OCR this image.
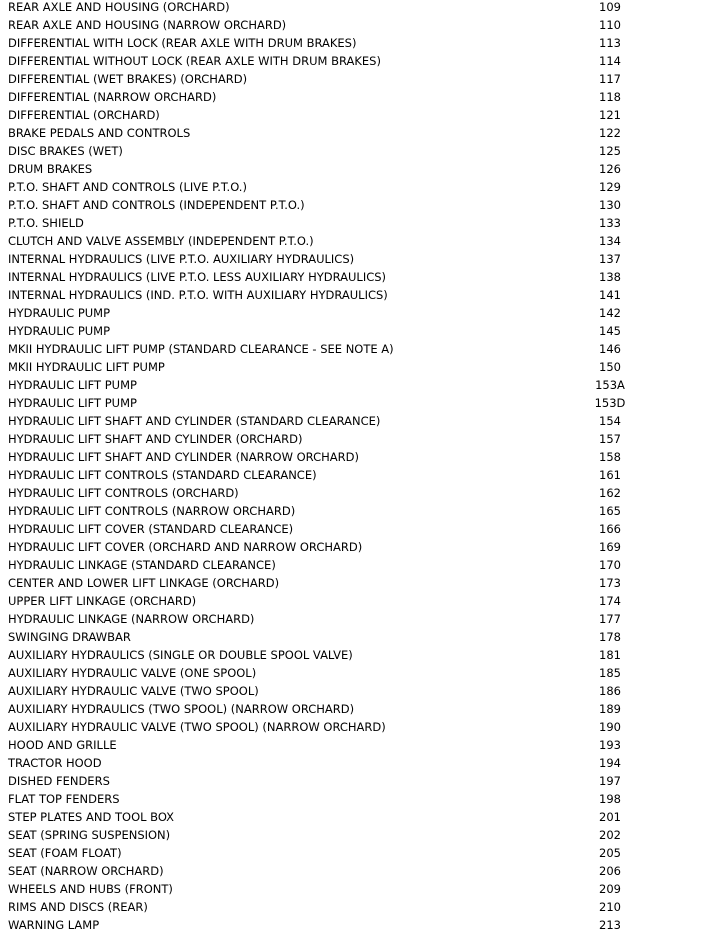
REAR AXLE AND HOUSING (ORCHARD)	109
REAR AXLE AND HOUSING (NARROW ORCHARD)	110
DIFFERENTIAL WITH LOCK (REAR AXLE WITH DRUM BRAKES)	113
DIFFERENTIAL WITHOUT LOCK (REAR AXLE WITH DRUM BRAKES)	114
DIFFERENTIAL (WET BRAKES) (ORCHARD)	117
DIFFERENTIAL (NARROW ORCHARD)	118
DIFFERENTIAL (ORCHARD)	121
BRAKE PEDALS AND CONTROLS	122
DISC BRAKES (WET)	125
DRUM BRAKES	126
P.T.O. SHAFT AND CONTROLS (LIVE P.T.O.)	129
P.T.O. SHAFT AND CONTROLS (INDEPENDENT P.T.O.)	130
P.T.O. SHIELD	133
CLUTCH AND VALVE ASSEMBLY (INDEPENDENT P.T.O.)	134
INTERNAL HYDRAULICS (LIVE P.T.O. AUXILIARY HYDRAULICS)	137
INTERNAL HYDRAULICS (LIVE P.T.O. LESS AUXILIARY HYDRAULICS)	138
INTERNAL HYDRAULICS (IND. P.T.O. WITH AUXILIARY HYDRAULICS)	141
HYDRAULIC PUMP	142
HYDRAULIC PUMP	145
MKII HYDRAULIC LIFT PUMP (STANDARD CLEARANCE - SEE NOTE A)	146
MKII HYDRAULIC LIFT PUMP	150
HYDRAULIC LIFT PUMP	153A
HYDRAULIC LIFT PUMP	153D
HYDRAULIC LIFT SHAFT AND CYLINDER (STANDARD CLEARANCE)	154
HYDRAULIC LIFT SHAFT AND CYLINDER (ORCHARD)	157
HYDRAULIC LIFT SHAFT AND CYLINDER (NARROW ORCHARD)	158
HYDRAULIC LIFT CONTROLS (STANDARD CLEARANCE)	161
HYDRAULIC LIFT CONTROLS (ORCHARD)	162
HYDRAULIC LIFT CONTROLS (NARROW ORCHARD)	165
HYDRAULIC LIFT COVER (STANDARD CLEARANCE)	166
HYDRAULIC LIFT COVER (ORCHARD AND NARROW ORCHARD)	169
HYDRAULIC LINKAGE (STANDARD CLEARANCE)	170
CENTER AND LOWER LIFT LINKAGE (ORCHARD)	173
UPPER LIFT LINKAGE (ORCHARD)	174
HYDRAULIC LINKAGE (NARROW ORCHARD)	177
SWINGING DRAWBAR	178
AUXILIARY HYDRAULICS (SINGLE OR DOUBLE SPOOL VALVE)	181
AUXILIARY HYDRAULIC VALVE (ONE SPOOL)	185
AUXILIARY HYDRAULIC VALVE (TWO SPOOL)	186
AUXILIARY HYDRAULICS (TWO SPOOL) (NARROW ORCHARD)	189
AUXILIARY HYDRAULIC VALVE (TWO SPOOL) (NARROW ORCHARD)	190
HOOD AND GRILLE	193
TRACTOR HOOD	194
DISHED FENDERS	197
FLAT TOP FENDERS	198
STEP PLATES AND TOOL BOX	201
SEAT (SPRING SUSPENSION)	202
SEAT (FOAM FLOAT)	205
SEAT (NARROW ORCHARD)	206
WHEELS AND HUBS (FRONT)	209
RIMS AND DISCS (REAR)	210
WARNING LAMP	213
